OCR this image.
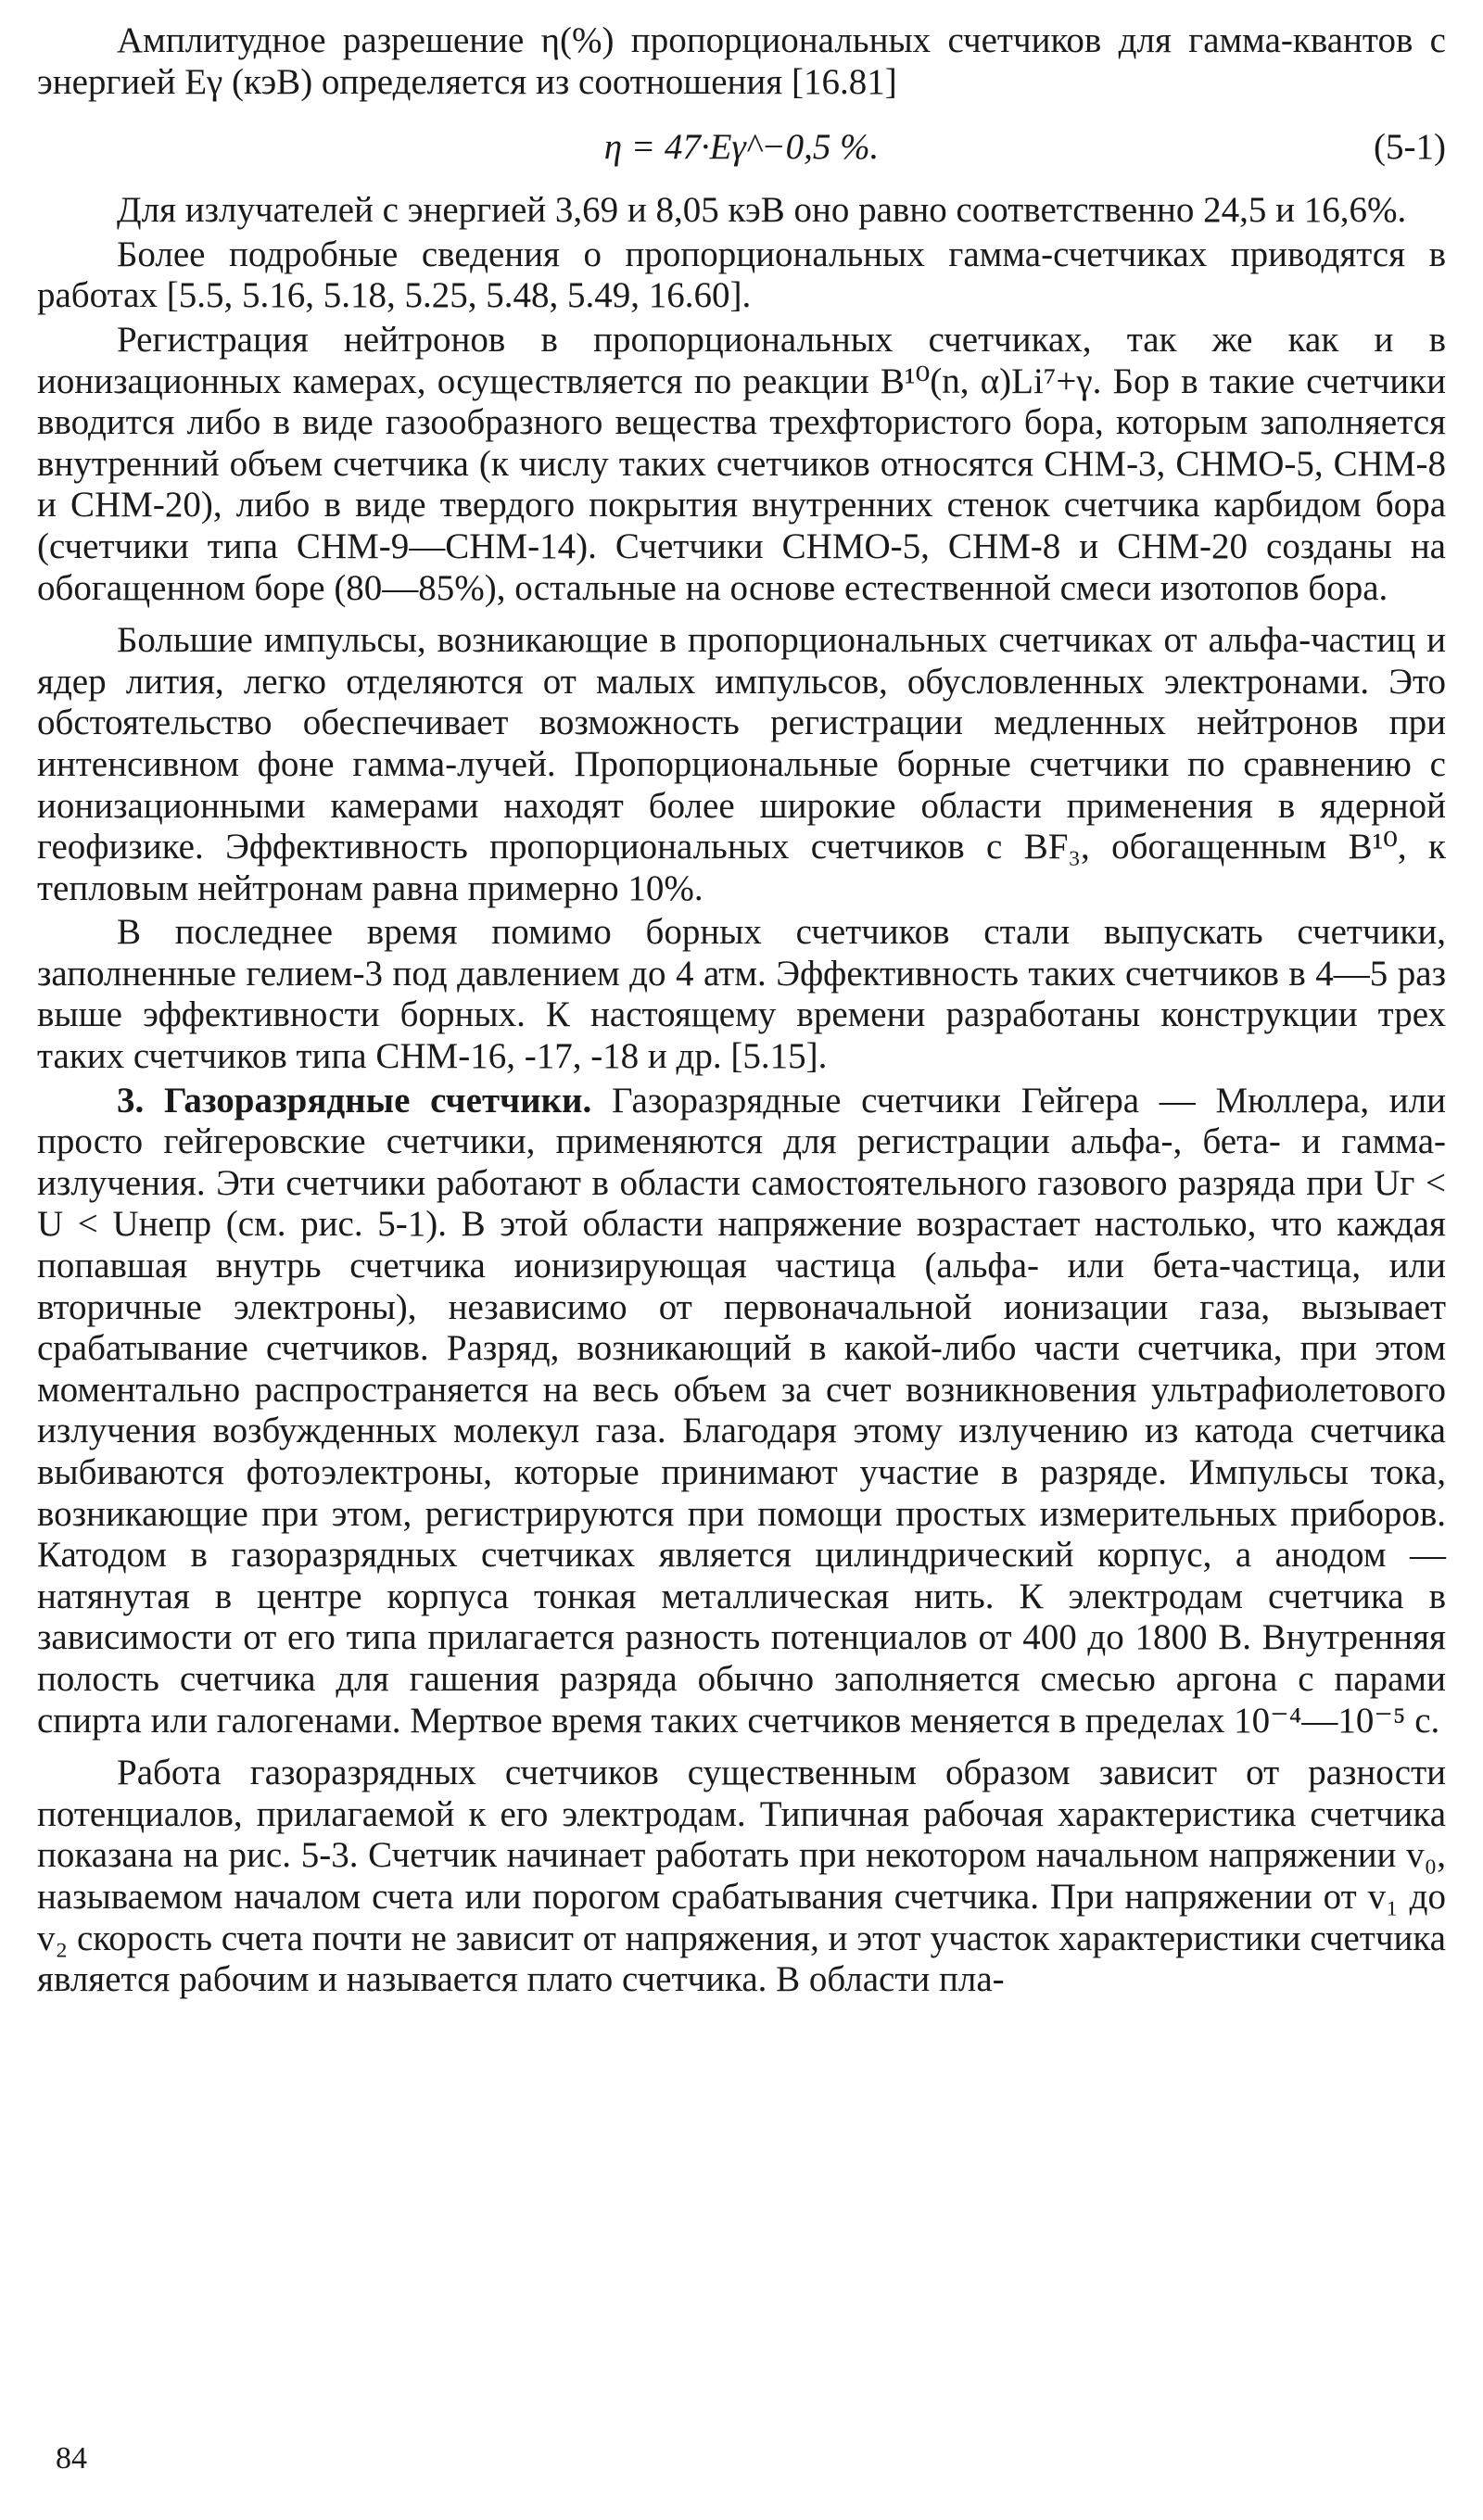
Амплитудное разрешение η(%) пропорциональных счетчиков для гамма-квантов с энергией Eγ (кэВ) определяется из соотношения [16.81]

η = 47·Eγ^−0,5 %.	(5-1)

Для излучателей с энергией 3,69 и 8,05 кэВ оно равно соответственно 24,5 и 16,6%.

Более подробные сведения о пропорциональных гамма-счетчиках приводятся в работах [5.5, 5.16, 5.18, 5.25, 5.48, 5.49, 16.60].

Регистрация нейтронов в пропорциональных счетчиках, так же как и в ионизационных камерах, осуществляется по реакции B¹⁰(n, α)Li⁷+γ. Бор в такие счетчики вводится либо в виде газообразного вещества трехфтористого бора, которым заполняется внутренний объем счетчика (к числу таких счетчиков относятся СНМ-3, СНМО-5, СНМ-8 и СНМ-20), либо в виде твердого покрытия внутренних стенок счетчика карбидом бора (счетчики типа СНМ-9—СНМ-14). Счетчики СНМО-5, СНМ-8 и СНМ-20 созданы на обогащенном боре (80—85%), остальные на основе естественной смеси изотопов бора.

Большие импульсы, возникающие в пропорциональных счетчиках от альфа-частиц и ядер лития, легко отделяются от малых импульсов, обусловленных электронами. Это обстоятельство обеспечивает возможность регистрации медленных нейтронов при интенсивном фоне гамма-лучей. Пропорциональные борные счетчики по сравнению с ионизационными камерами находят более широкие области применения в ядерной геофизике. Эффективность пропорциональных счетчиков с BF₃, обогащенным B¹⁰, к тепловым нейтронам равна примерно 10%.

В последнее время помимо борных счетчиков стали выпускать счетчики, заполненные гелием-3 под давлением до 4 атм. Эффективность таких счетчиков в 4—5 раз выше эффективности борных. К настоящему времени разработаны конструкции трех таких счетчиков типа СНМ-16, -17, -18 и др. [5.15].

3. Газоразрядные счетчики. Газоразрядные счетчики Гейгера — Мюллера, или просто гейгеровские счетчики, применяются для регистрации альфа-, бета- и гамма-излучения. Эти счетчики работают в области самостоятельного газового разряда при Uг < U < Uнепр (см. рис. 5-1). В этой области напряжение возрастает настолько, что каждая попавшая внутрь счетчика ионизирующая частица (альфа- или бета-частица, или вторичные электроны), независимо от первоначальной ионизации газа, вызывает срабатывание счетчиков. Разряд, возникающий в какой-либо части счетчика, при этом моментально распространяется на весь объем за счет возникновения ультрафиолетового излучения возбужденных молекул газа. Благодаря этому излучению из катода счетчика выбиваются фотоэлектроны, которые принимают участие в разряде. Импульсы тока, возникающие при этом, регистрируются при помощи простых измерительных приборов. Катодом в газоразрядных счетчиках является цилиндрический корпус, а анодом — натянутая в центре корпуса тонкая металлическая нить. К электродам счетчика в зависимости от его типа прилагается разность потенциалов от 400 до 1800 В. Внутренняя полость счетчика для гашения разряда обычно заполняется смесью аргона с парами спирта или галогенами. Мертвое время таких счетчиков меняется в пределах 10⁻⁴—10⁻⁵ с.

Работа газоразрядных счетчиков существенным образом зависит от разности потенциалов, прилагаемой к его электродам. Типичная рабочая характеристика счетчика показана на рис. 5-3. Счетчик начинает работать при некотором начальном напряжении v₀, называемом началом счета или порогом срабатывания счетчика. При напряжении от v₁ до v₂ скорость счета почти не зависит от напряжения, и этот участок характеристики счетчика является рабочим и называется плато счетчика. В области пла-

84
